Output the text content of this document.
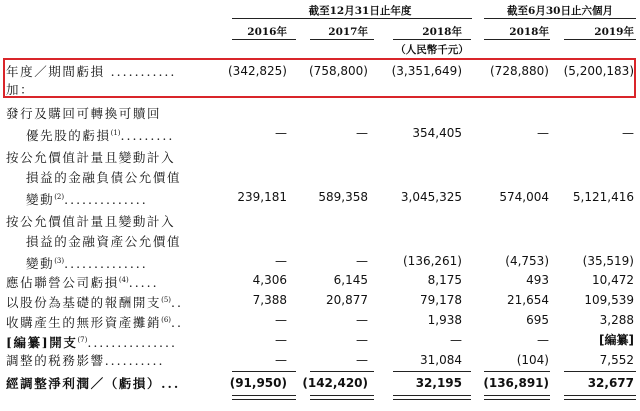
截至12月31日止年度	截至6月30日止六個月
2016年	2017年	2018年	2018年	2019年
（人民幣千元）
年度／期間虧損 ...........	(342,825) (758,800) (3,351,649) (728,880) (5,200,183)
加：
發行及購回可轉換可贖回
優先股的虧損$^{(1)}$.........	—	—	354,405	—	—
按公允價值計量且變動計入
損益的金融負債公允價值
變動$^{(2)}$..............	239,181	589,358	3,045,325	574,004 5,121,416
按公允價值計量且變動計入
損益的金融資產公允價值
變動$^{(3)}$..............	—	—	(136,261)	(4,753)	(35,519)
應佔聯營公司虧損$^{(4)}$.....	4,306	6,145	8,175	493	10,472
以股份為基礎的報酬開支$^{(5)}$..	7,388	20,877	79,178	21,654	109,539
收購產生的無形資產攤銷$^{(6)}$..	—	—	1,938	695	3,288
[編纂]開支$^{(7)}$...............	—	—	—	—	[編纂]
調整的税務影響..........	—	—	31,084	(104)	7,552
經調整淨利潤／（虧損）...	(91,950) (142,420)	32,195 (136,891)	32,677
